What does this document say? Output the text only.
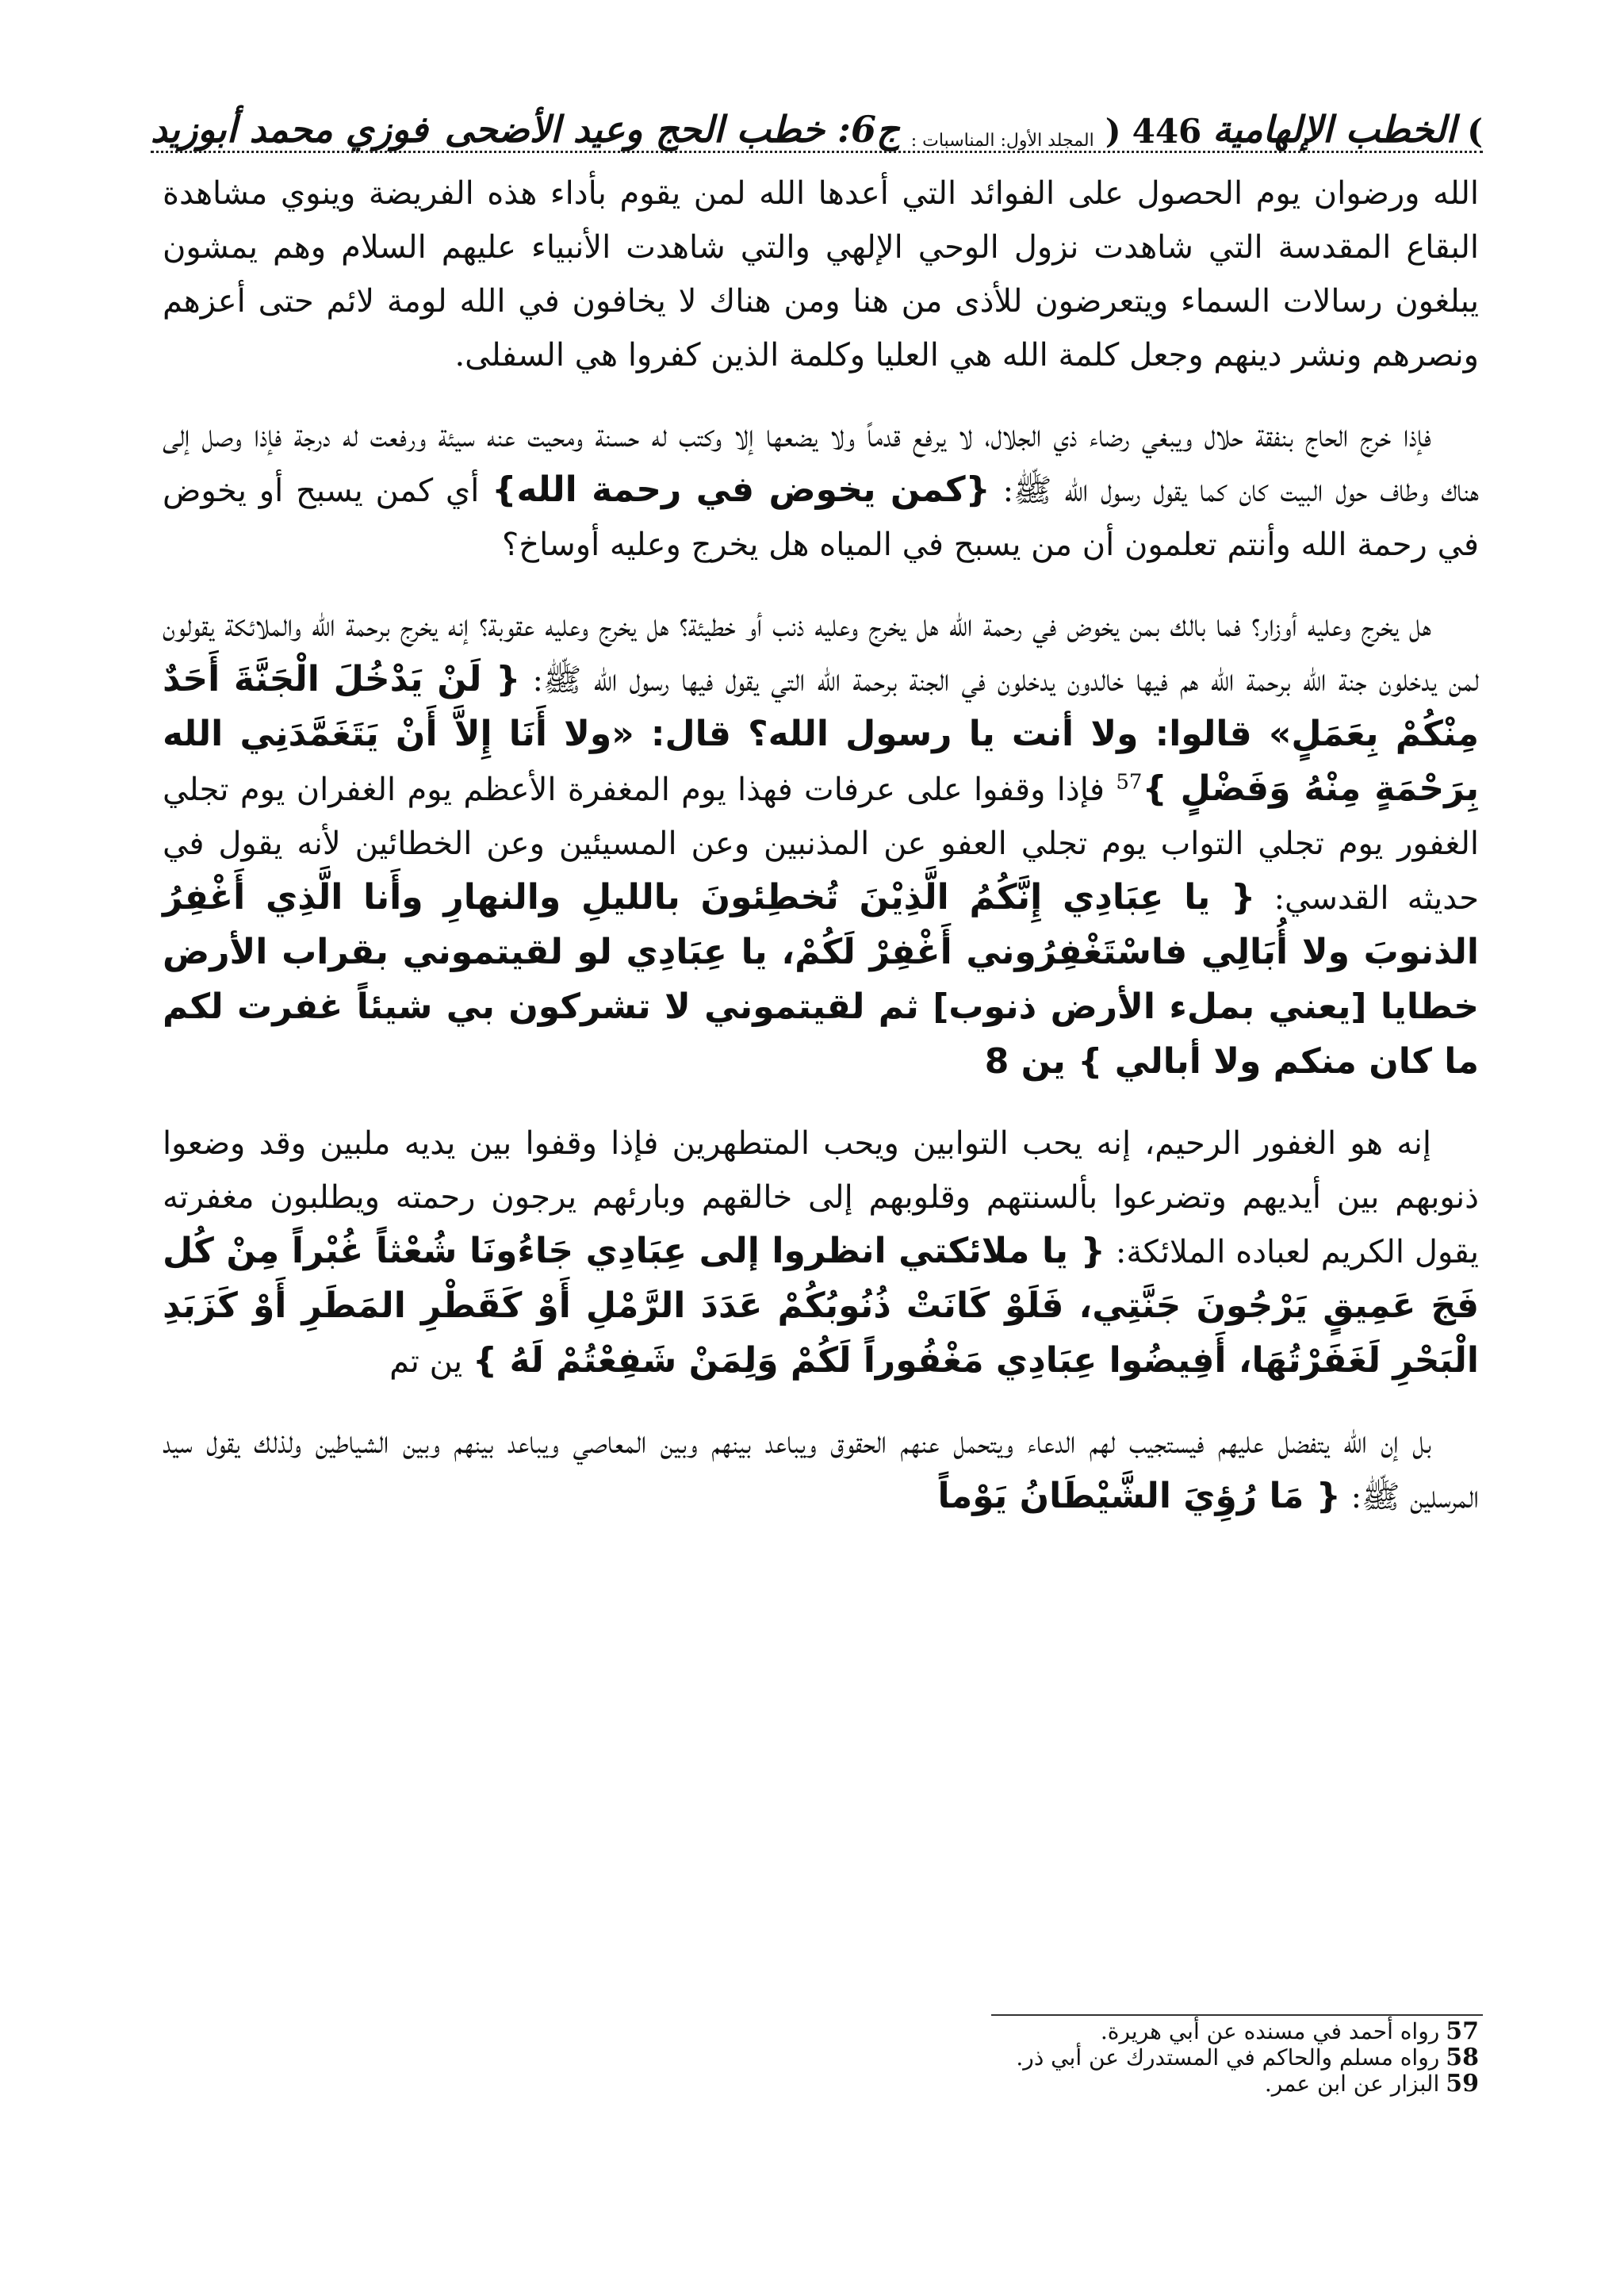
)
الخطب الإلهامية
446
(
المجلد الأول: المناسبات :
ج6: خطب الحج وعيد الأضحى
فوزي محمد أبوزيد

الله ورضوان يوم الحصول على الفوائد التي أعدها الله لمن يقوم بأداء هذه الفريضة وينوي مشاهدة البقاع المقدسة التي شاهدت نزول الوحي الإلهي والتي شاهدت الأنبياء عليهم السلام وهم يمشون يبلغون رسالات السماء ويتعرضون للأذى من هنا ومن هناك لا يخافون في الله لومة لائم حتى أعزهم ونصرهم ونشر دينهم وجعل كلمة الله هي العليا وكلمة الذين كفروا هي السفلى.

فإذا خرج الحاج بنفقة حلال ويبغي رضاء ذي الجلال، لا يرفع قدماً ولا يضعها إلا وكتب له حسنة ومحيت عنه سيئة ورفعت له درجة فإذا وصل إلى هناك وطاف حول البيت كان كما يقول رسول الله ﷺ: {كمن يخوض في رحمة الله} أي كمن يسبح أو يخوض في رحمة الله وأنتم تعلمون أن من يسبح في المياه هل يخرج وعليه أوساخ؟

هل يخرج وعليه أوزار؟ فما بالك بمن يخوض في رحمة الله هل يخرج وعليه ذنب أو خطيئة؟ هل يخرج وعليه عقوبة؟ إنه يخرج برحمة الله والملائكة يقولون لمن يدخلون جنة الله برحمة الله هم فيها خالدون يدخلون في الجنة برحمة الله التي يقول فيها رسول الله ﷺ: { لَنْ يَدْخُلَ الْجَنَّةَ أَحَدٌ مِنْكُمْ بِعَمَلٍ» قالوا: ولا أنت يا رسول الله؟ قال: «ولا أَنَا إِلاَّ أَنْ يَتَغَمَّدَنِي الله بِرَحْمَةٍ مِنْهُ وَفَضْلٍ }$^{57}$ فإذا وقفوا على عرفات فهذا يوم المغفرة الأعظم يوم الغفران يوم تجلي الغفور يوم تجلي التواب يوم تجلي العفو عن المذنبين وعن المسيئين وعن الخطائين لأنه يقول في حديثه القدسي: { يا عِبَادِي إِنَّكُمُ الَّذِيْنَ تُخطِئونَ بالليلِ والنهارِ وأَنا الَّذِي أَغْفِرُ الذنوبَ ولا أُبَالِي فاسْتَغْفِرُوني أَغْفِرْ لَكُمْ، يا عِبَادِي لو لقيتموني بقراب الأرض خطايا [يعني بملء الأرض ذنوب] ثم لقيتموني لا تشركون بي شيئاً غفرت لكم ما كان منكم ولا أبالي } ين 8

إنه هو الغفور الرحيم، إنه يحب التوابين ويحب المتطهرين فإذا وقفوا بين يديه ملبين وقد وضعوا ذنوبهم بين أيديهم وتضرعوا بألسنتهم وقلوبهم إلى خالقهم وبارئهم يرجون رحمته ويطلبون مغفرته يقول الكريم لعباده الملائكة: { يا ملائكتي انظروا إلى عِبَادِي جَاءُونَا شُعْثاً غُبْراً مِنْ كُل فَجَ عَمِيقٍ يَرْجُونَ جَنَّتِي، فَلَوْ كَانَتْ ذُنُوبُكُمْ عَدَدَ الرَّمْلِ أَوْ كَقَطْرِ المَطَرِ أَوْ كَزَبَدِ الْبَحْرِ لَغَفَرْتُهَا، أَفِيضُوا عِبَادِي مَغْفُوراً لَكُمْ وَلِمَنْ شَفِعْتُمْ لَهُ } ين تم

بل إن الله يتفضل عليهم فيستجيب لهم الدعاء ويتحمل عنهم الحقوق ويباعد بينهم وبين المعاصي ويباعد بينهم وبين الشياطين ولذلك يقول سيد المرسلين ﷺ: { مَا رُؤِيَ الشَّيْطَانُ يَوْماً

57رواه أحمد في مسنده عن أبي هريرة.
58رواه مسلم والحاكم في المستدرك عن أبي ذر.
59البزار عن ابن عمر.
